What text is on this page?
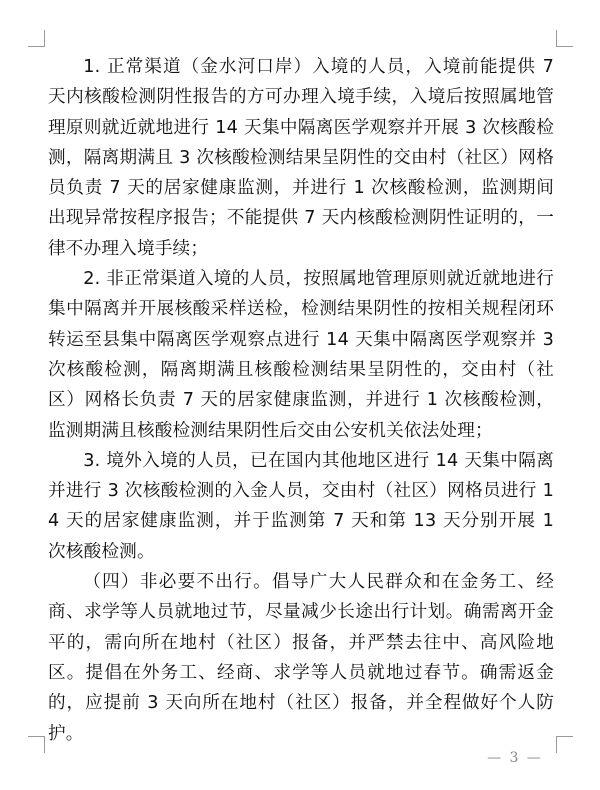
1. 正常渠道（金水河口岸）入境的人员，入境前能提供 7 天内核酸检测阴性报告的方可办理入境手续，入境后按照属地管理原则就近就地进行 14 天集中隔离医学观察并开展 3 次核酸检测，隔离期满且 3 次核酸检测结果呈阴性的交由村（社区）网格员负责 7 天的居家健康监测，并进行 1 次核酸检测，监测期间出现异常按程序报告；不能提供 7 天内核酸检测阴性证明的，一律不办理入境手续；

2. 非正常渠道入境的人员，按照属地管理原则就近就地进行集中隔离并开展核酸采样送检，检测结果阴性的按相关规程闭环转运至县集中隔离医学观察点进行 14 天集中隔离医学观察并 3 次核酸检测，隔离期满且核酸检测结果呈阴性的，交由村（社区）网格长负责 7 天的居家健康监测，并进行 1 次核酸检测，监测期满且核酸检测结果阴性后交由公安机关依法处理；

3. 境外入境的人员，已在国内其他地区进行 14 天集中隔离并进行 3 次核酸检测的入金人员，交由村（社区）网格员进行 14 天的居家健康监测，并于监测第 7 天和第 13 天分别开展 1 次核酸检测。

（四）非必要不出行。倡导广大人民群众和在金务工、经商、求学等人员就地过节，尽量减少长途出行计划。确需离开金平的，需向所在地村（社区）报备，并严禁去往中、高风险地区。提倡在外务工、经商、求学等人员就地过春节。确需返金的，应提前 3 天向所在地村（社区）报备，并全程做好个人防护。

— 3 —
